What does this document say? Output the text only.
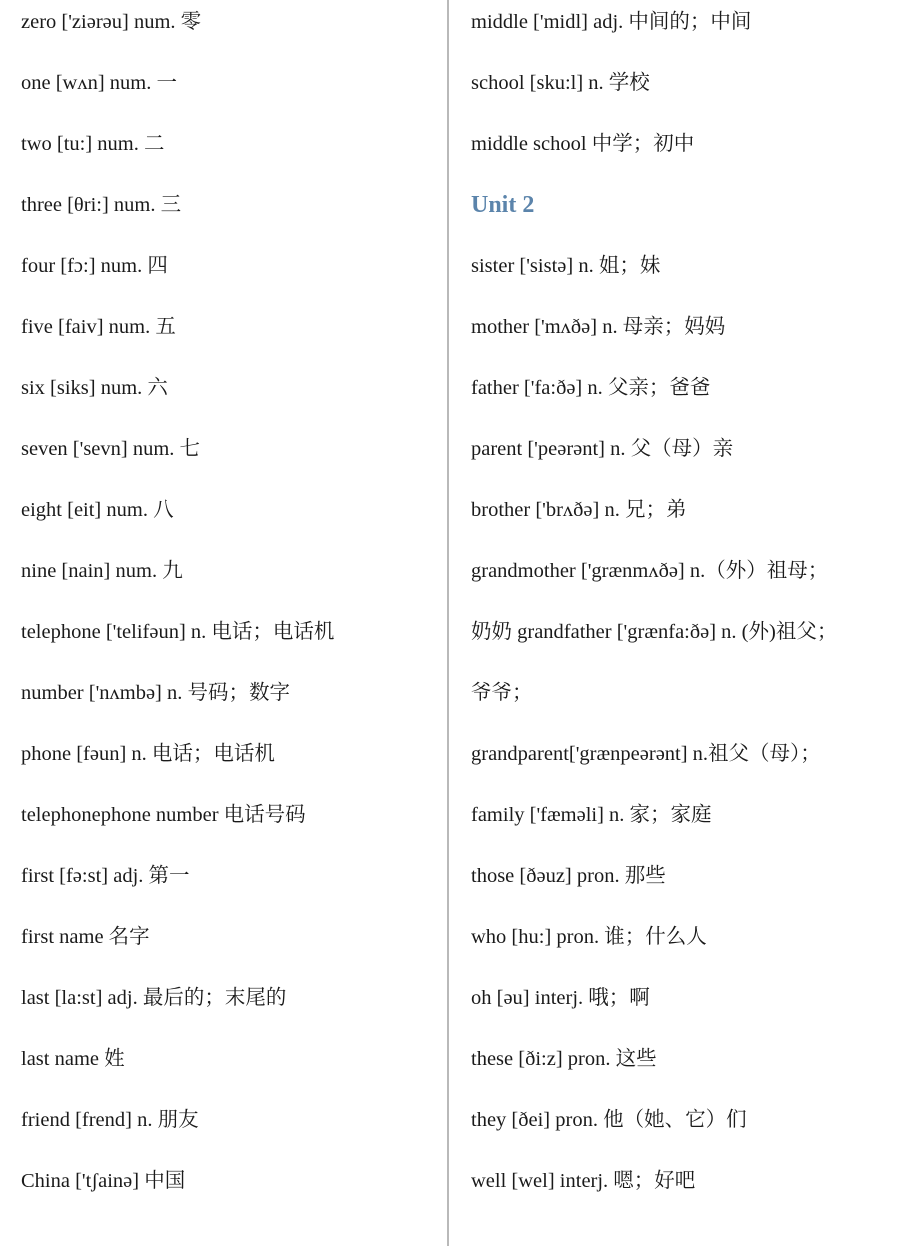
zero ['ziərəu] num. 零
one [wʌn] num. 一
two [tu:] num. 二
three [θri:] num. 三
four [fɔ:] num. 四
five [faiv] num. 五
six [siks] num. 六
seven ['sevn] num. 七
eight [eit] num. 八
nine [nain] num. 九
telephone ['telifəun] n. 电话；电话机
number ['nʌmbə] n. 号码；数字
phone [fəun] n. 电话；电话机
telephonephone number 电话号码
first [fə:st] adj. 第一
first name 名字
last [la:st] adj. 最后的；末尾的
last name 姓
friend [frend] n. 朋友
China ['tʃainə] 中国
middle ['midl] adj. 中间的；中间
school [sku:l] n. 学校
middle school 中学；初中
Unit 2
sister ['sistə] n. 姐；妹
mother ['mʌðə] n. 母亲；妈妈
father ['fa:ðə] n. 父亲；爸爸
parent ['peərənt] n. 父（母）亲
brother ['brʌðə] n. 兄；弟
grandmother ['grænmʌðə] n.（外）祖母；
奶奶 grandfather ['grænfa:ðə] n. (外)祖父；
爷爷；
grandparent['grænpeərənt] n.祖父（母）；
family ['fæməli] n. 家；家庭
those [ðəuz] pron. 那些
who [hu:] pron. 谁；什么人
oh [əu] interj. 哦；啊
these [ði:z] pron. 这些
they [ðei] pron. 他（她、它）们
well [wel] interj. 嗯；好吧
